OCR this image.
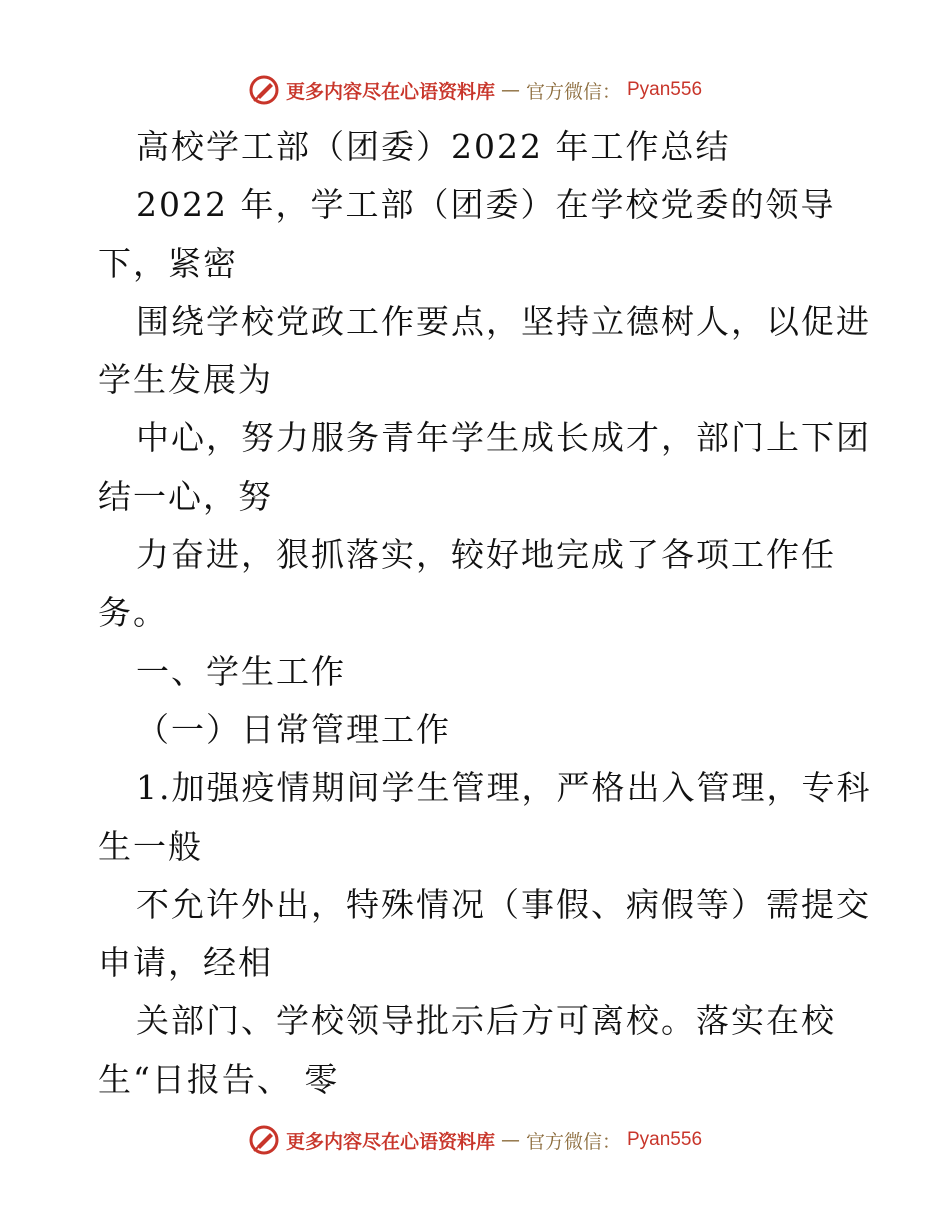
更多内容尽在心语资料库 — 官方微信： Pyan556
高校学工部（团委）2022 年工作总结
2022 年，学工部（团委）在学校党委的领导
下，紧密
围绕学校党政工作要点，坚持立德树人，以促进
学生发展为
中心，努力服务青年学生成长成才，部门上下团
结一心，努
力奋进，狠抓落实，较好地完成了各项工作任
务。
一、学生工作
（一）日常管理工作
1.加强疫情期间学生管理，严格出入管理，专科
生一般
不允许外出，特殊情况（事假、病假等）需提交
申请，经相
关部门、学校领导批示后方可离校。落实在校
生“日报告、 零
更多内容尽在心语资料库 — 官方微信： Pyan556
